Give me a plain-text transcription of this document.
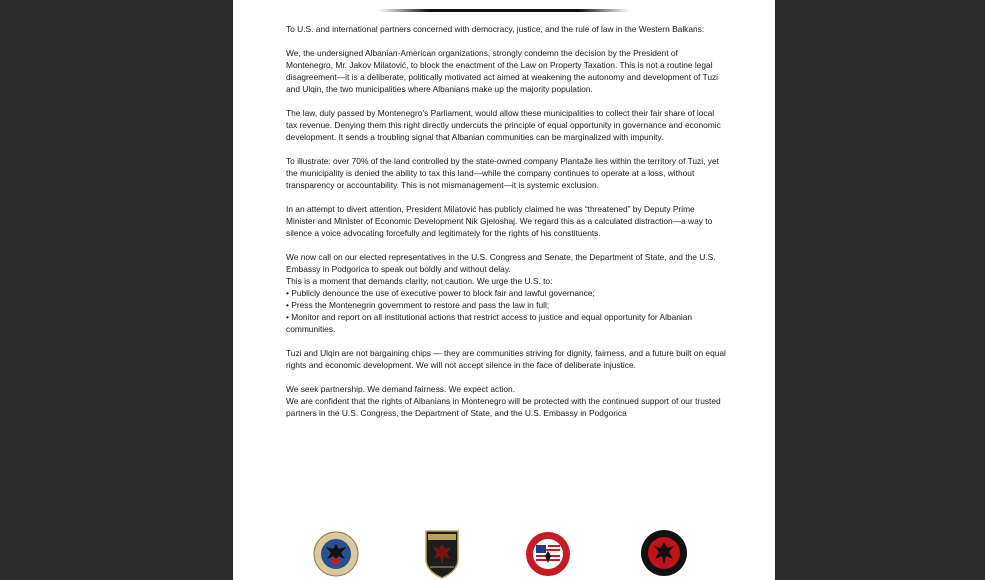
To U.S. and international partners concerned with democracy, justice, and the rule of law in the Western Balkans:

We, the undersigned Albanian-American organizations, strongly condemn the decision by the President of Montenegro, Mr. Jakov Milatović, to block the enactment of the Law on Property Taxation. This is not a routine legal disagreement—it is a deliberate, politically motivated act aimed at weakening the autonomy and development of Tuzi and Ulqin, the two municipalities where Albanians make up the majority population.

The law, duly passed by Montenegro’s Parliament, would allow these municipalities to collect their fair share of local tax revenue. Denying them this right directly undercuts the principle of equal opportunity in governance and economic development. It sends a troubling signal that Albanian communities can be marginalized with impunity.

To illustrate: over 70% of the land controlled by the state-owned company Plantaže lies within the territory of Tuzi, yet the municipality is denied the ability to tax this land—while the company continues to operate at a loss, without transparency or accountability. This is not mismanagement—it is systemic exclusion.

In an attempt to divert attention, President Milatović has publicly claimed he was “threatened” by Deputy Prime Minister and Minister of Economic Development Nik Gjeloshaj. We regard this as a calculated distraction—a way to silence a voice advocating forcefully and legitimately for the rights of his constituents.

We now call on our elected representatives in the U.S. Congress and Senate, the Department of State, and the U.S. Embassy in Podgorica to speak out boldly and without delay.

This is a moment that demands clarity, not caution. We urge the U.S. to:

• Publicly denounce the use of executive power to block fair and lawful governance;
• Press the Montenegrin government to restore and pass the law in full;
• Monitor and report on all institutional actions that restrict access to justice and equal opportunity for Albanian communities.

Tuzi and Ulqin are not bargaining chips — they are communities striving for dignity, fairness, and a future built on equal rights and economic development. We will not accept silence in the face of deliberate injustice.

We seek partnership. We demand fairness. We expect action.

We are confident that the rights of Albanians in Montenegro will be protected with the continued support of our trusted partners in the U.S. Congress, the Department of State, and the U.S. Embassy in Podgorica
